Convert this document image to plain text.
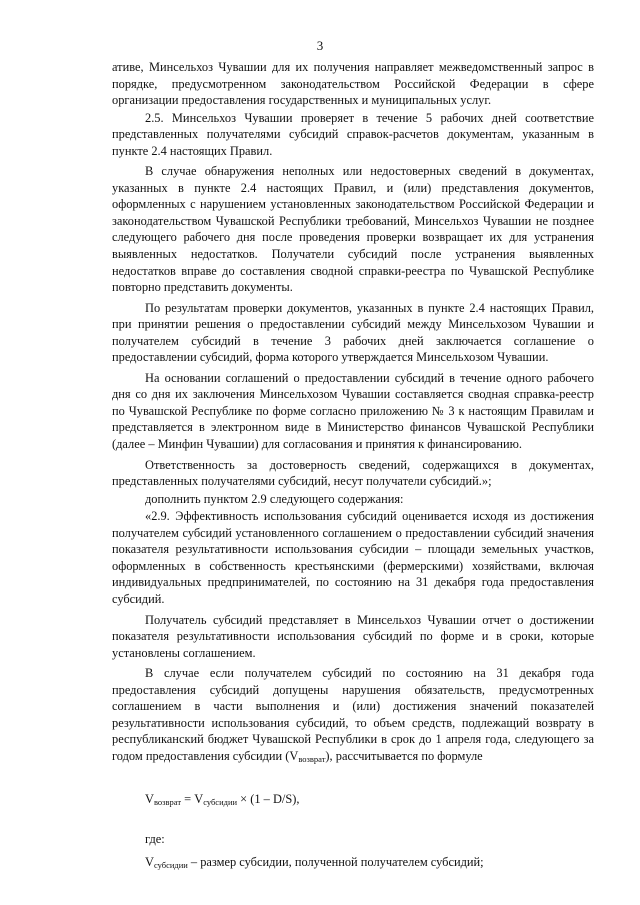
3

ативе, Минсельхоз Чувашии для их получения направляет межведомственный запрос в порядке, предусмотренном законодательством Российской Федерации в сфере организации предоставления государственных и муниципальных услуг.

2.5. Минсельхоз Чувашии проверяет в течение 5 рабочих дней соответствие представленных получателями субсидий справок-расчетов документам, указанным в пункте 2.4 настоящих Правил.

В случае обнаружения неполных или недостоверных сведений в документах, указанных в пункте 2.4 настоящих Правил, и (или) представления документов, оформленных с нарушением установленных законодательством Российской Федерации и законодательством Чувашской Республики требований, Минсельхоз Чувашии не позднее следующего рабочего дня после проведения проверки возвращает их для устранения выявленных недостатков. Получатели субсидий после устранения выявленных недостатков вправе до составления сводной справки-реестра по Чувашской Республике повторно представить документы.

По результатам проверки документов, указанных в пункте 2.4 настоящих Правил, при принятии решения о предоставлении субсидий между Минсельхозом Чувашии и получателем субсидий в течение 3 рабочих дней заключается соглашение о предоставлении субсидий, форма которого утверждается Минсельхозом Чувашии.

На основании соглашений о предоставлении субсидий в течение одного рабочего дня со дня их заключения Минсельхозом Чувашии составляется сводная справка-реестр по Чувашской Республике по форме согласно приложению № 3 к настоящим Правилам и представляется в электронном виде в Министерство финансов Чувашской Республики (далее – Минфин Чувашии) для согласования и принятия к финансированию.

Ответственность за достоверность сведений, содержащихся в документах, представленных получателями субсидий, несут получатели субсидий.»;

дополнить пунктом 2.9 следующего содержания:

«2.9. Эффективность использования субсидий оценивается исходя из достижения получателем субсидий установленного соглашением о предоставлении субсидий значения показателя результативности использования субсидии – площади земельных участков, оформленных в собственность крестьянскими (фермерскими) хозяйствами, включая индивидуальных предпринимателей, по состоянию на 31 декабря года предоставления субсидий.

Получатель субсидий представляет в Минсельхоз Чувашии отчет о достижении показателя результативности использования субсидий по форме и в сроки, которые установлены соглашением.

В случае если получателем субсидий по состоянию на 31 декабря года предоставления субсидий допущены нарушения обязательств, предусмотренных соглашением в части выполнения и (или) достижения значений показателей результативности использования субсидий, то объем средств, подлежащий возврату в республиканский бюджет Чувашской Республики в срок до 1 апреля года, следующего за годом предоставления субсидии $(V_{возврат})$, рассчитывается по формуле

$V_{возврат} = V_{субсидии} \times (1 - D/S)$,

где:

$V_{субсидии}$ – размер субсидии, полученной получателем субсидий;
